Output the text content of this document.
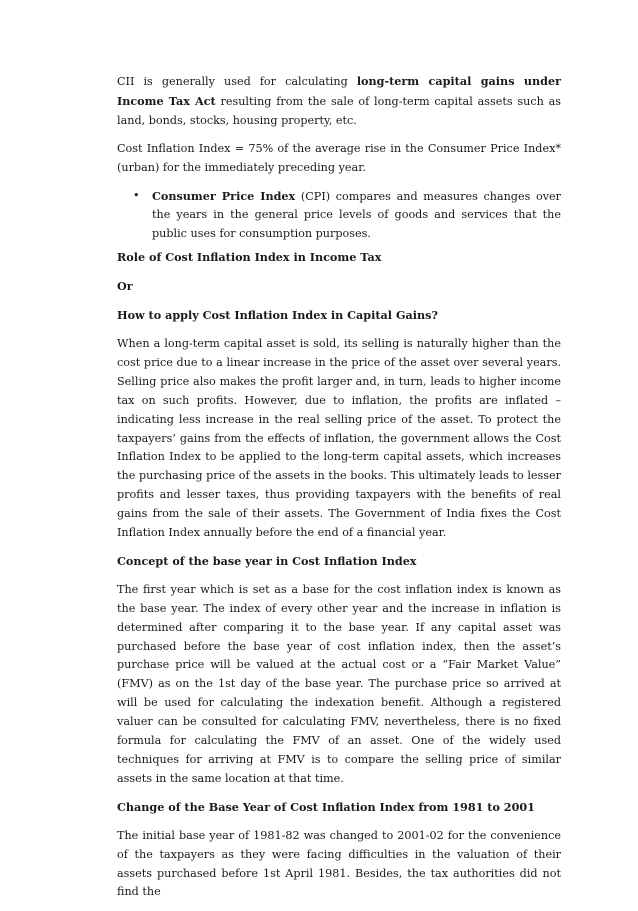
CII is generally used for calculating long-term capital gains under Income Tax Act resulting from the sale of long-term capital assets such as land, bonds, stocks, housing property, etc.

Cost Inflation Index = 75% of the average rise in the Consumer Price Index* (urban) for the immediately preceding year.

• Consumer Price Index (CPI) compares and measures changes over the years in the general price levels of goods and services that the public uses for consumption purposes.

Role of Cost Inflation Index in Income Tax

Or

How to apply Cost Inflation Index in Capital Gains?

When a long-term capital asset is sold, its selling is naturally higher than the cost price due to a linear increase in the price of the asset over several years. Selling price also makes the profit larger and, in turn, leads to higher income tax on such profits. However, due to inflation, the profits are inflated – indicating less increase in the real selling price of the asset. To protect the taxpayers’ gains from the effects of inflation, the government allows the Cost Inflation Index to be applied to the long-term capital assets, which increases the purchasing price of the assets in the books. This ultimately leads to lesser profits and lesser taxes, thus providing taxpayers with the benefits of real gains from the sale of their assets. The Government of India fixes the Cost Inflation Index annually before the end of a financial year.

Concept of the base year in Cost Inflation Index

The first year which is set as a base for the cost inflation index is known as the base year. The index of every other year and the increase in inflation is determined after comparing it to the base year. If any capital asset was purchased before the base year of cost inflation index, then the asset’s purchase price will be valued at the actual cost or a “Fair Market Value” (FMV) as on the 1st day of the base year. The purchase price so arrived at will be used for calculating the indexation benefit. Although a registered valuer can be consulted for calculating FMV, nevertheless, there is no fixed formula for calculating the FMV of an asset. One of the widely used techniques for arriving at FMV is to compare the selling price of similar assets in the same location at that time.

Change of the Base Year of Cost Inflation Index from 1981 to 2001

The initial base year of 1981-82 was changed to 2001-02 for the convenience of the taxpayers as they were facing difficulties in the valuation of their assets purchased before 1st April 1981. Besides, the tax authorities did not find the
